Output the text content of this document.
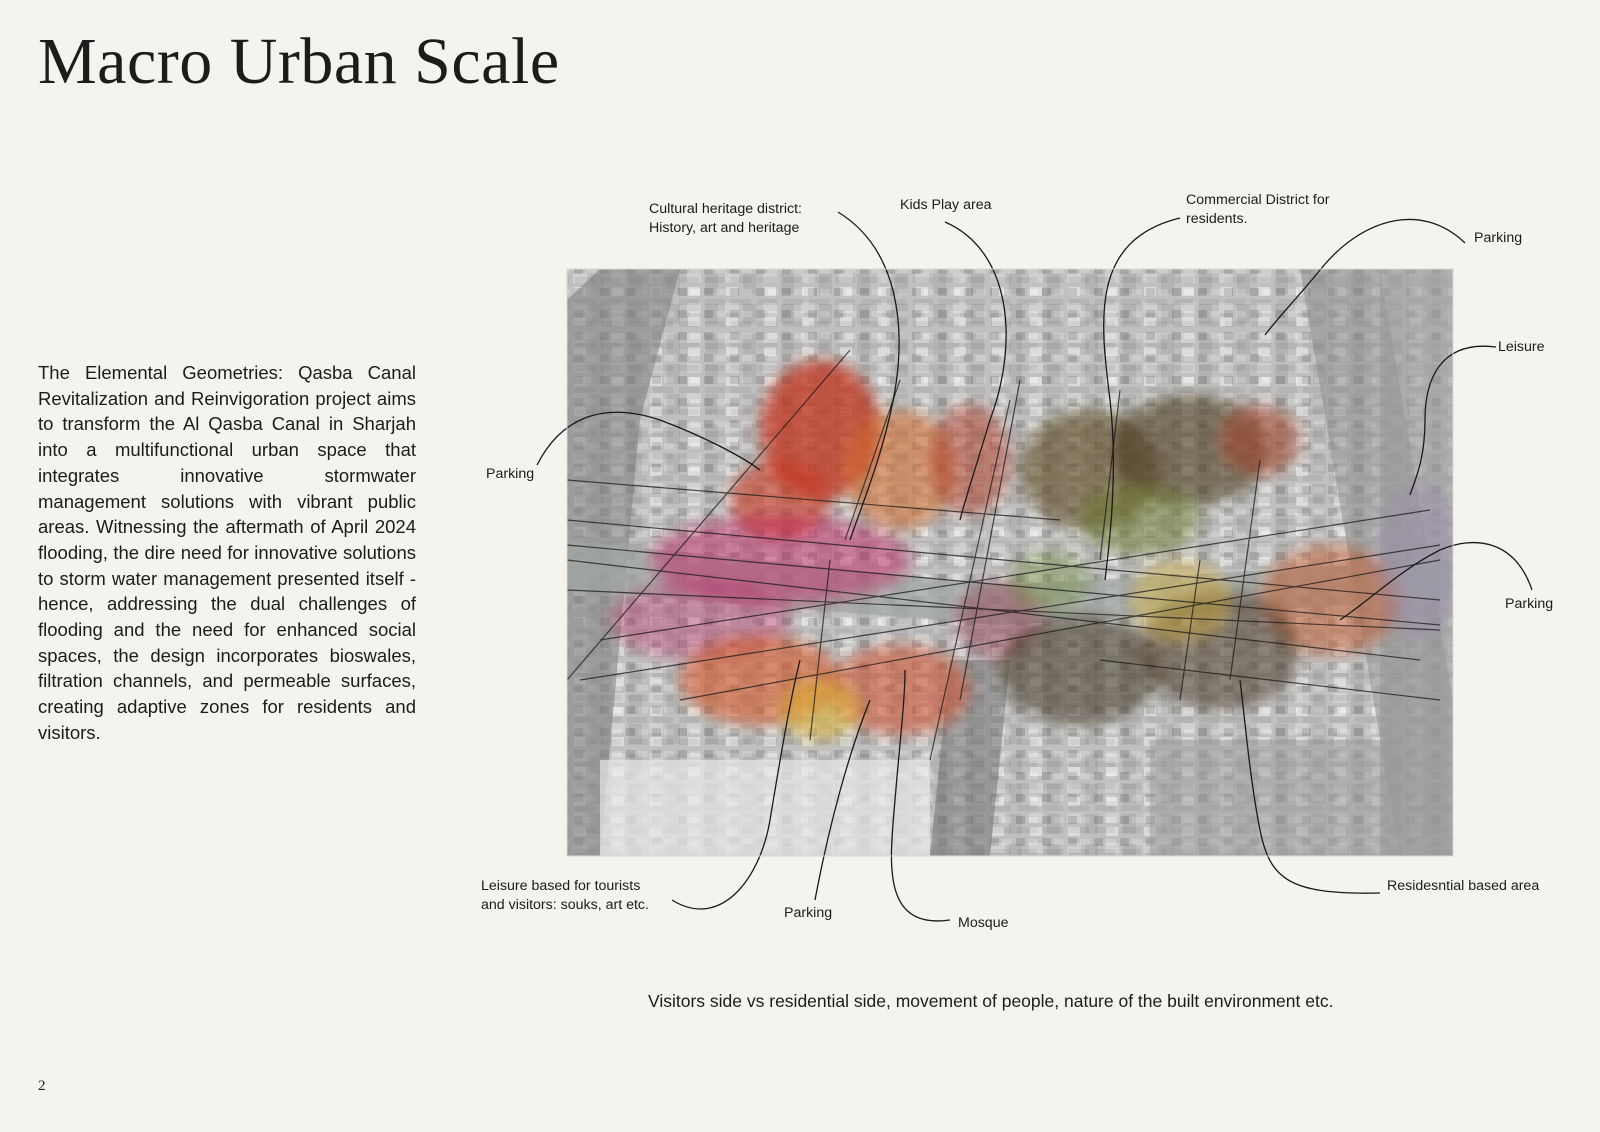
Macro Urban Scale

The Elemental Geometries: Qasba Canal Revitalization and Reinvigoration project aims to transform the Al Qasba Canal in Sharjah into a multifunctional urban space that integrates innovative stormwater management solutions with vibrant public areas. Witnessing the aftermath of April 2024 flooding, the dire need for innovative solutions to storm water management presented itself - hence, addressing the dual challenges of flooding and the need for enhanced social spaces, the design incorporates bioswales, filtration channels, and permeable surfaces, creating adaptive zones for residents and visitors.

Cultural heritage district:
History, art and heritage
Kids Play area	Commercial District for
residents.
Parking
Leisure
Parking
Parking
Leisure based for tourists
and visitors: souks, art etc.	Parking
Mosque
Residesntial based area
Visitors side vs residential side, movement of people, nature of the built environment etc.
2
